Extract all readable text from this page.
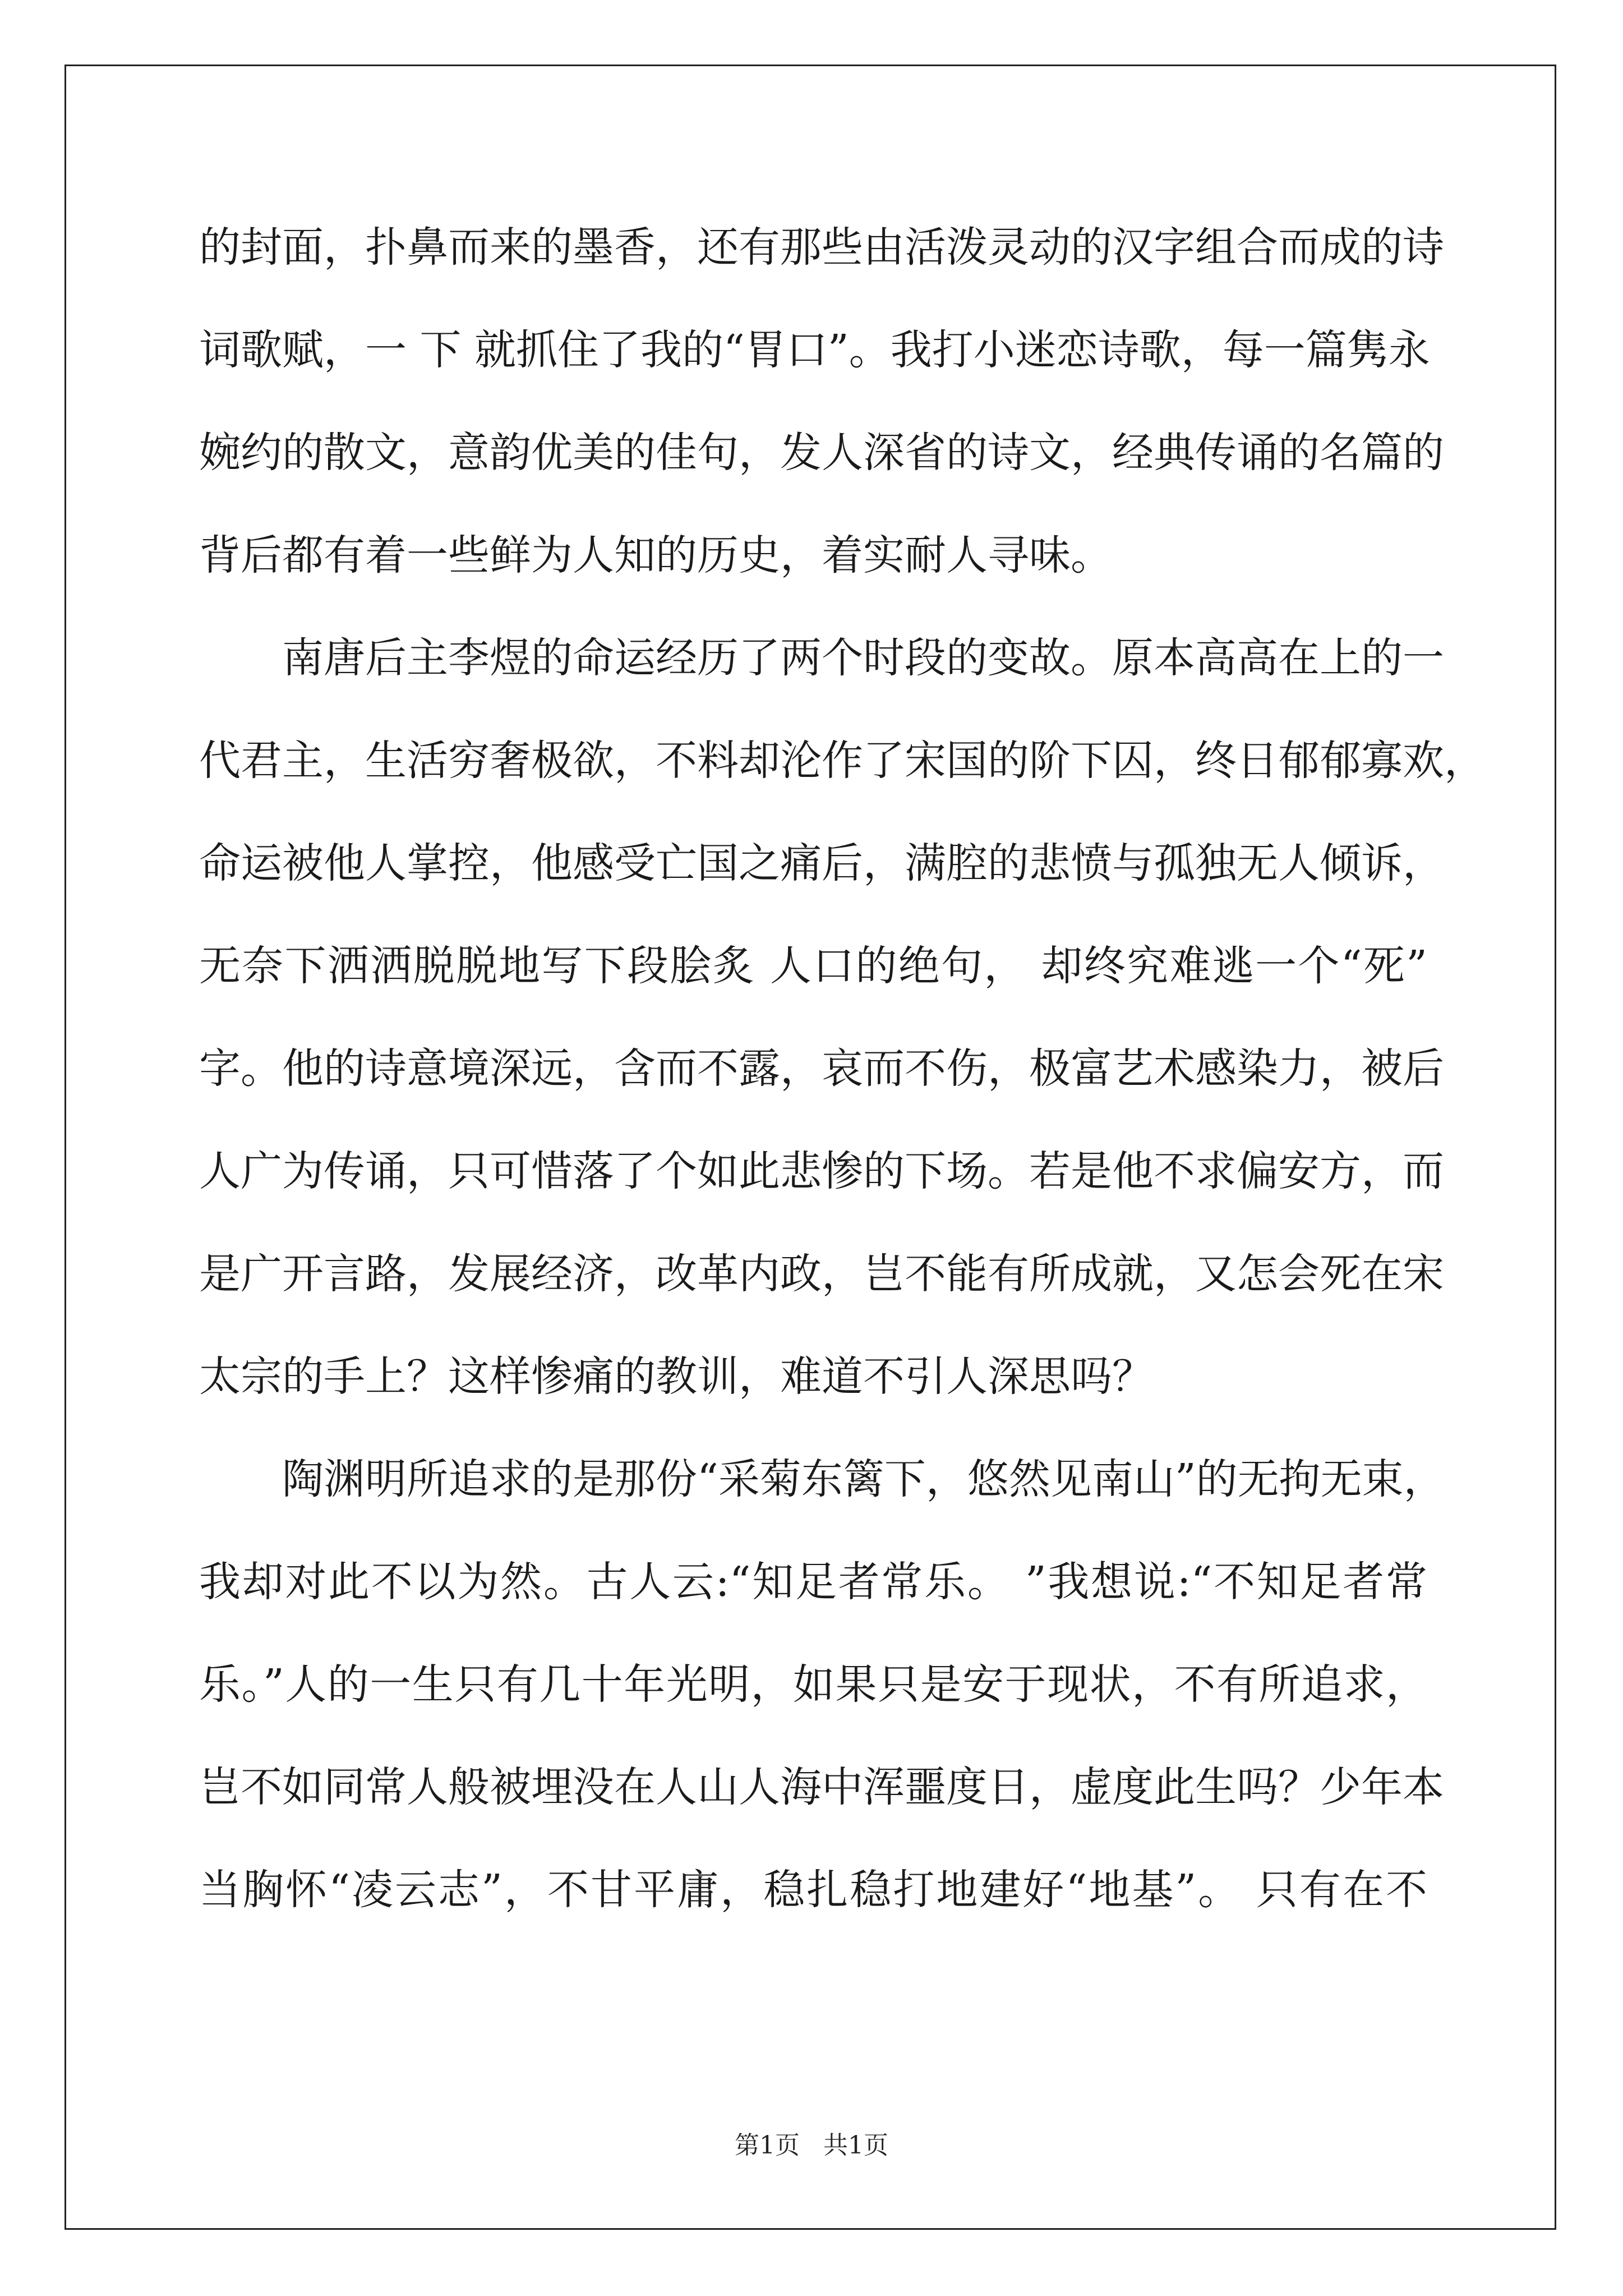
的封面，扑鼻而来的墨香，还有那些由活泼灵动的汉字组合而成的诗
词歌赋，一 下 就抓住了我的“胃口”。我打小迷恋诗歌，每一篇隽永
婉约的散文，意韵优美的佳句，发人深省的诗文，经典传诵的名篇的
背后都有着一些鲜为人知的历史，着实耐人寻味。
　　南唐后主李煜的命运经历了两个时段的变故。原本高高在上的一
代君主，生活穷奢极欲，不料却沦作了宋国的阶下囚，终日郁郁寡欢，
命运被他人掌控，他感受亡国之痛后，满腔的悲愤与孤独无人倾诉，
无奈下洒洒脱脱地写下段脍炙 人口的绝句， 却终究难逃一个“死”
字。他的诗意境深远，含而不露，哀而不伤，极富艺术感染力，被后
人广为传诵，只可惜落了个如此悲惨的下场。若是他不求偏安方，而
是广开言路，发展经济，改革内政，岂不能有所成就，又怎会死在宋
太宗的手上？这样惨痛的教训，难道不引人深思吗？
　　陶渊明所追求的是那份“采菊东篱下，悠然见南山”的无拘无束，
我却对此不以为然。古人云:“知足者常乐。 ”我想说:“不知足者常
乐。”人的一生只有几十年光明，如果只是安于现状，不有所追求，
岂不如同常人般被埋没在人山人海中浑噩度日，虚度此生吗？少年本
当胸怀“凌云志”，不甘平庸，稳扎稳打地建好“地基”。 只有在不
第1页 共1页
